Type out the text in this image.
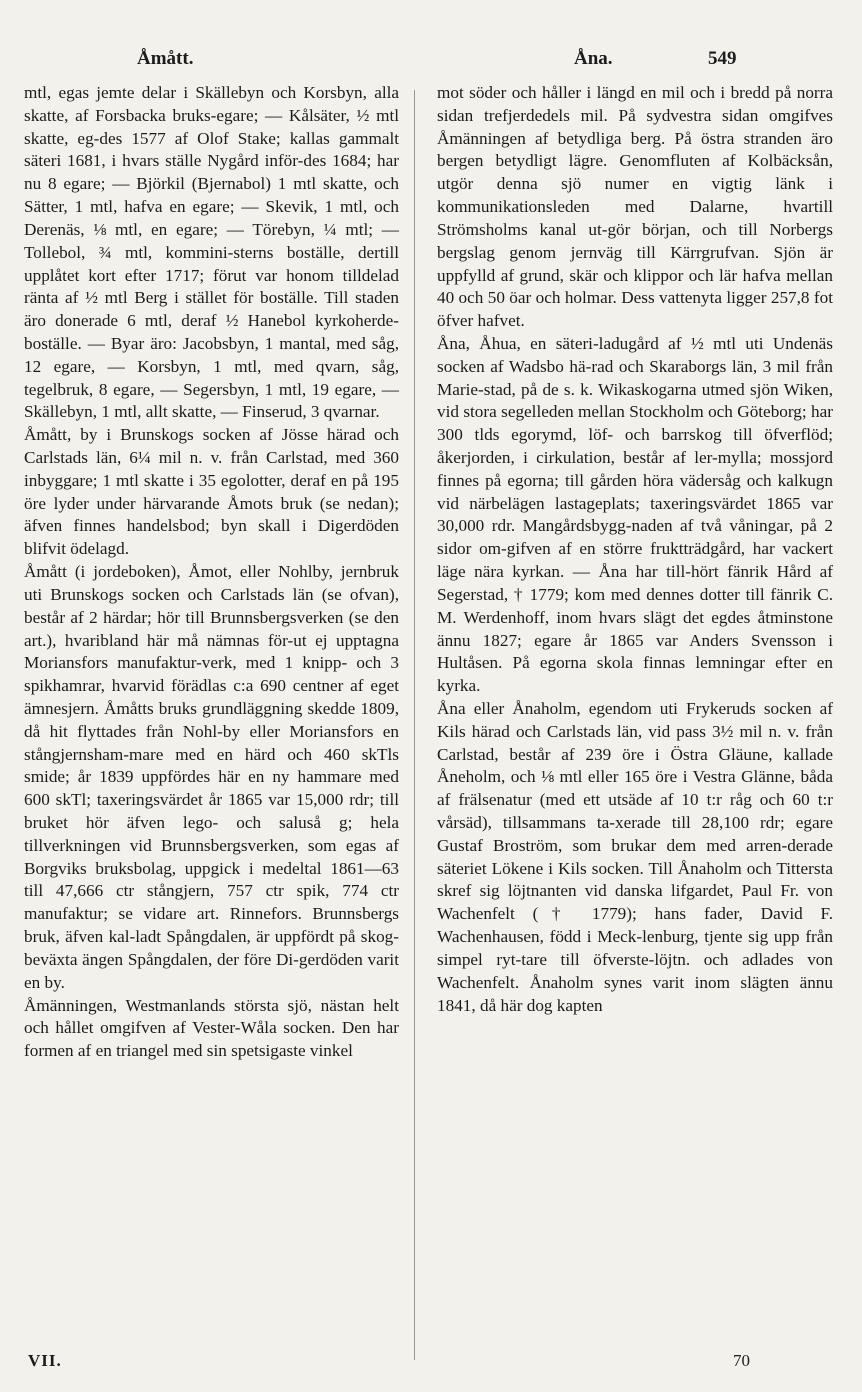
Åmått.	Åna.	549

mtl, egas jemte delar i Skällebyn och Korsbyn, alla skatte, af Forsbacka bruks-egare; — Kålsäter, ½ mtl skatte, eg-des 1577 af Olof Stake; kallas gammalt säteri 1681, i hvars ställe Nygård inför-des 1684; har nu 8 egare; — Björkil (Bjernabol) 1 mtl skatte, och Sätter, 1 mtl, hafva en egare; — Skevik, 1 mtl, och Derenäs, ⅛ mtl, en egare; — Törebyn, ¼ mtl; — Tollebol, ¾ mtl, kommini-sterns boställe, dertill upplåtet kort efter 1717; förut var honom tilldelad ränta af ½ mtl Berg i stället för boställe. Till staden äro donerade 6 mtl, deraf ½ Hanebol kyrkoherde-boställe. — Byar äro: Jacobsbyn, 1 mantal, med såg, 12 egare, — Korsbyn, 1 mtl, med qvarn, såg, tegelbruk, 8 egare, — Segersbyn, 1 mtl, 19 egare, — Skällebyn, 1 mtl, allt skatte, — Finserud, 3 qvarnar.

Åmått, by i Brunskogs socken af Jösse härad och Carlstads län, 6¼ mil n. v. från Carlstad, med 360 inbyggare; 1 mtl skatte i 35 egolotter, deraf en på 195 öre lyder under härvarande Åmots bruk (se nedan); äfven finnes handelsbod; byn skall i Digerdöden blifvit ödelagd.

Åmått (i jordeboken), Åmot, eller Nohlby, jernbruk uti Brunskogs socken och Carlstads län (se ofvan), består af 2 härdar; hör till Brunnsbergsverken (se den art.), hvaribland här må nämnas för-ut ej upptagna Moriansfors manufaktur-verk, med 1 knipp- och 3 spikhamrar, hvarvid förädlas c:a 690 centner af eget ämnesjern. Åmåtts bruks grundläggning skedde 1809, då hit flyttades från Nohl-by eller Moriansfors en stångjernsham-mare med en härd och 460 skTls smide; år 1839 uppfördes här en ny hammare med 600 skTl; taxeringsvärdet år 1865 var 15,000 rdr; till bruket hör äfven lego- och saluså g; hela tillverkningen vid Brunnsbergsverken, som egas af Borgviks bruksbolag, uppgick i medeltal 1861—63 till 47,666 ctr stångjern, 757 ctr spik, 774 ctr manufaktur; se vidare art. Rinnefors. Brunnsbergs bruk, äfven kal-ladt Spångdalen, är uppfördt på skog-beväxta ängen Spångdalen, der före Di-gerdöden varit en by.

Åmänningen, Westmanlands största sjö, nästan helt och hållet omgifven af Vester-Wåla socken. Den har formen af en triangel med sin spetsigaste vinkel

mot söder och håller i längd en mil och i bredd på norra sidan trefjerdedels mil. På sydvestra sidan omgifves Åmänningen af betydliga berg. På östra stranden äro bergen betydligt lägre. Genomfluten af Kolbäcksån, utgör denna sjö numer en vigtig länk i kommunikationsleden med Dalarne, hvartill Strömsholms kanal ut-gör början, och till Norbergs bergslag genom jernväg till Kärrgrufvan. Sjön är uppfylld af grund, skär och klippor och lär hafva mellan 40 och 50 öar och holmar. Dess vattenyta ligger 257,8 fot öfver hafvet.

Åna, Åhua, en säteri-ladugård af ½ mtl uti Undenäs socken af Wadsbo hä-rad och Skaraborgs län, 3 mil från Marie-stad, på de s. k. Wikaskogarna utmed sjön Wiken, vid stora segelleden mellan Stockholm och Göteborg; har 300 tlds egorymd, löf- och barrskog till öfverflöd; åkerjorden, i cirkulation, består af ler-mylla; mossjord finnes på egorna; till gården höra vädersåg och kalkugn vid närbelägen lastageplats; taxeringsvärdet 1865 var 30,000 rdr. Mangårdsbygg-naden af två våningar, på 2 sidor om-gifven af en större fruktträdgård, har vackert läge nära kyrkan. — Åna har till-hört fänrik Hård af Segerstad, † 1779; kom med dennes dotter till fänrik C. M. Werdenhoff, inom hvars slägt det egdes åtminstone ännu 1827; egare år 1865 var Anders Svensson i Hultåsen. På egorna skola finnas lemningar efter en kyrka.

Åna eller Ånaholm, egendom uti Frykeruds socken af Kils härad och Carlstads län, vid pass 3½ mil n. v. från Carlstad, består af 239 öre i Östra Gläune, kallade Åneholm, och ⅛ mtl eller 165 öre i Vestra Glänne, båda af frälsenatur (med ett utsäde af 10 t:r råg och 60 t:r vårsäd), tillsammans ta-xerade till 28,100 rdr; egare Gustaf Broström, som brukar dem med arren-derade säteriet Lökene i Kils socken. Till Ånaholm och Tittersta skref sig löjtnanten vid danska lifgardet, Paul Fr. von Wachenfelt († 1779); hans fader, David F. Wachenhausen, född i Meck-lenburg, tjente sig upp från simpel ryt-tare till öfverste-löjtn. och adlades von Wachenfelt. Ånaholm synes varit inom slägten ännu 1841, då här dog kapten

VII.	70
